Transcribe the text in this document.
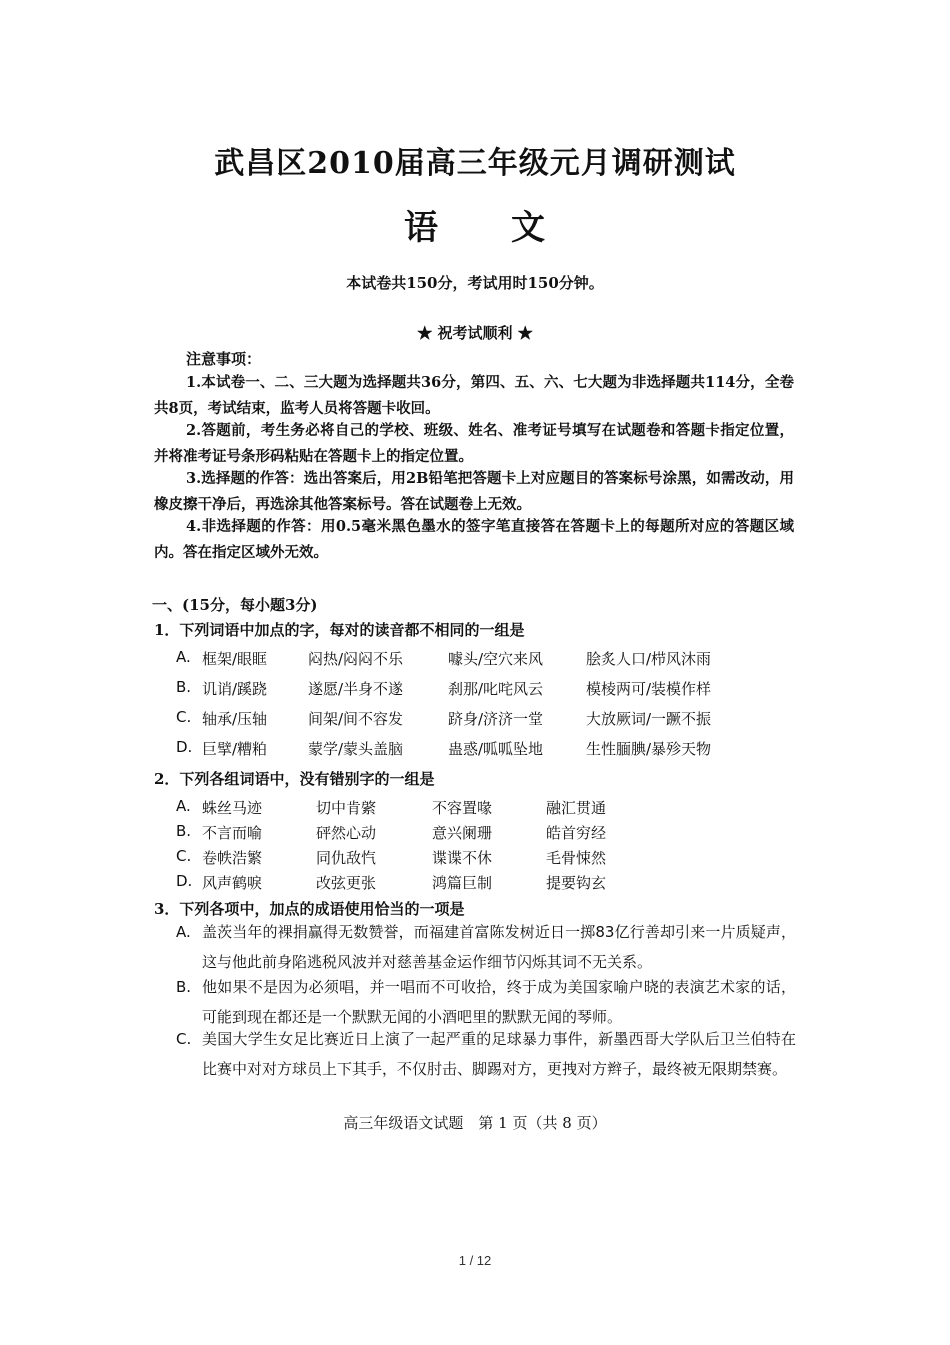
武昌区2010届高三年级元月调研测试
语 文
本试卷共150分，考试用时150分钟。
★ 祝考试顺利 ★
注意事项：
1.本试卷一、二、三大题为选择题共36分，第四、五、六、七大题为非选择题共114分，全卷共8页，考试结束，监考人员将答题卡收回。
2.答题前，考生务必将自己的学校、班级、姓名、准考证号填写在试题卷和答题卡指定位置，并将准考证号条形码粘贴在答题卡上的指定位置。
3.选择题的作答：选出答案后，用2B铅笔把答题卡上对应题目的答案标号涂黑，如需改动，用橡皮擦干净后，再选涂其他答案标号。答在试题卷上无效。
4.非选择题的作答：用0.5毫米黑色墨水的签字笔直接答在答题卡上的每题所对应的答题区域内。答在指定区域外无效。
一、(15分，每小题3分)
1．下列词语中加点的字，每对的读音都不相同的一组是
A. 框架/眼眶	闷热/闷闷不乐	噱头/空穴来风	脍炙人口/栉风沐雨
B. 讥诮/蹊跷	遂愿/半身不遂	刹那/叱咤风云	模棱两可/装模作样
C. 轴承/压轴	间架/间不容发	跻身/济济一堂	大放厥词/一蹶不振
D. 巨擘/糟粕	蒙学/蒙头盖脑	蛊惑/呱呱坠地	生性腼腆/暴殄天物
2．下列各组词语中，没有错别字的一组是
A. 蛛丝马迹	切中肯綮	不容置喙	融汇贯通
B. 不言而喻	砰然心动	意兴阑珊	皓首穷经
C. 卷帙浩繁	同仇敌忾	谍谍不休	毛骨悚然
D. 风声鹤唳	改弦更张	鸿篇巨制	提要钩玄
3．下列各项中，加点的成语使用恰当的一项是
A. 盖茨当年的裸捐赢得无数赞誉，而福建首富陈发树近日一掷83亿行善却引来一片质疑声，这与他此前身陷逃税风波并对慈善基金运作细节闪烁其词不无关系。
B. 他如果不是因为必须唱，并一唱而不可收拾，终于成为美国家喻户晓的表演艺术家的话，可能到现在都还是一个默默无闻的小酒吧里的默默无闻的琴师。
C. 美国大学生女足比赛近日上演了一起严重的足球暴力事件，新墨西哥大学队后卫兰伯特在比赛中对对方球员上下其手，不仅肘击、脚踢对方，更拽对方辫子，最终被无限期禁赛。
高三年级语文试题　第 1 页（共 8 页）
1 / 12
